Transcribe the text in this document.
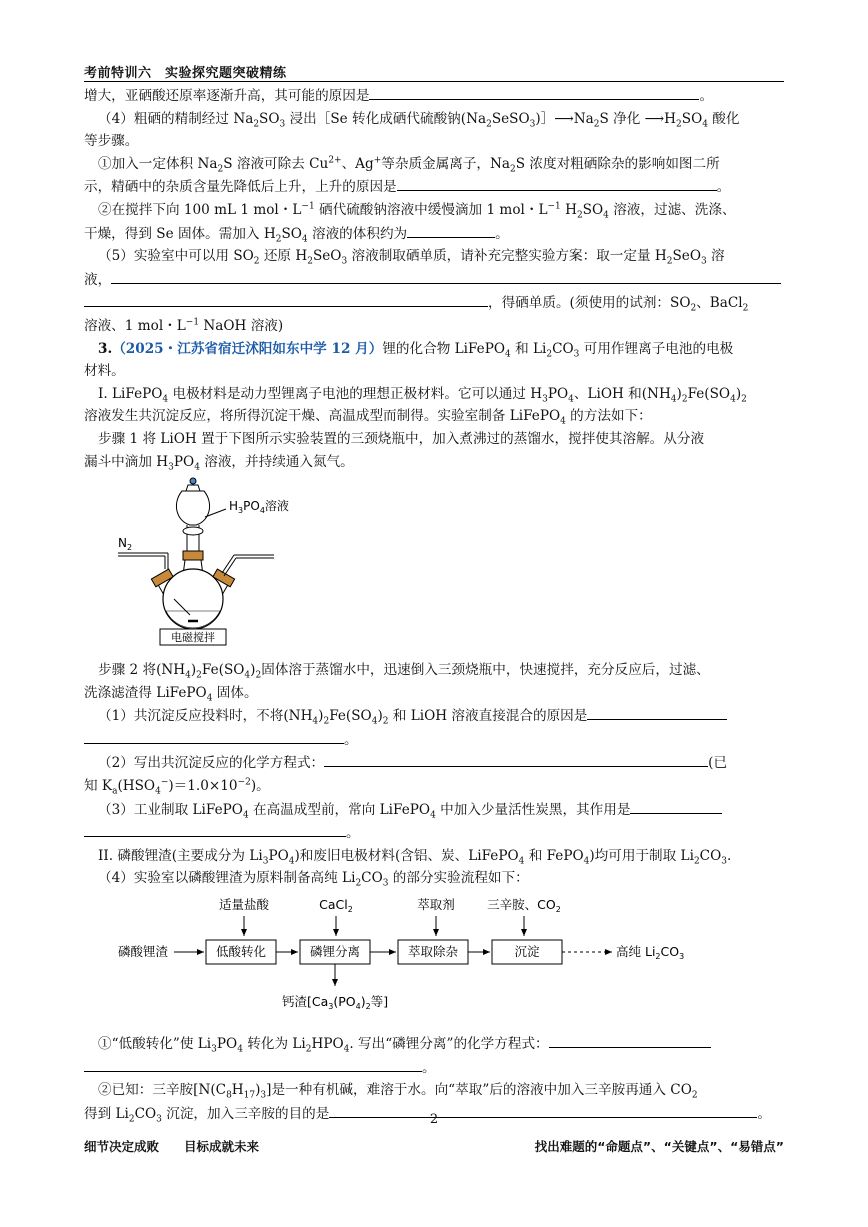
考前特训六　实验探究题突破精练

增大，亚硒酸还原率逐渐升高，其可能的原因是	。

（4）粗硒的精制经过 $Na_2SO_3$ 浸出［Se 转化成硒代硫酸钠$(Na_2SeSO_3)]⟶Na_2S$ 净化 $⟶H_2SO_4$ 酸化

等步骤。

①加入一定体积 $Na_2S$ 溶液可除去 $Cu^{2+}$、Ag+等杂质金属离子，$Na_2S$ 浓度对粗硒除杂的影响如图二所

示，精硒中的杂质含量先降低后上升，上升的原因是	。

②在搅拌下向 100 mL 1 mol・$L^{-1}$ 硒代硫酸钠溶液中缓慢滴加 1 mol・$L^{-1}$ $H_2SO_4$ 溶液，过滤、洗涤、

干燥，得到 Se 固体。需加入 $H_2SO_4$ 溶液的体积约为	。

（5）实验室中可以用 $SO_2$ 还原 $H_2SeO_3$ 溶液制取硒单质，请补充完整实验方案：取一定量 $H_2SeO_3$ 溶

液，

，得硒单质。(须使用的试剂：$SO_2$、BaCl$_2$

溶液、1 mol・$L^{-1}$ NaOH 溶液)

3.（2025・江苏省宿迁沭阳如东中学 12 月）锂的化合物 LiFePO$_4$ 和 $Li_2CO_3$ 可用作锂离子电池的电极

材料。

I. LiFePO$_4$ 电极材料是动力型锂离子电池的理想正极材料。它可以通过 $H_3PO_4$、LiOH 和$(NH_4)_2Fe(SO_4)_2$

溶液发生共沉淀反应，将所得沉淀干燥、高温成型而制得。实验室制备 LiFePO$_4$ 的方法如下：

步骤 1 将 LiOH 置于下图所示实验装置的三颈烧瓶中，加入煮沸过的蒸馏水，搅拌使其溶解。从分液

漏斗中滴加 $H_3PO_4$ 溶液，并持续通入氮气。

$H_3PO_4$溶液
$N_2$
电磁搅拌

步骤 2 将$(NH_4)_2Fe(SO_4)_2$固体溶于蒸馏水中，迅速倒入三颈烧瓶中，快速搅拌，充分反应后，过滤、

洗涤滤渣得 LiFePO$_4$ 固体。

（1）共沉淀反应投料时，不将$(NH_4)_2Fe(SO_4)_2$ 和 LiOH 溶液直接混合的原因是

。

（2）写出共沉淀反应的化学方程式：	(已

知 $K_a(HSO_4^-)=1.0\times 10^{-2}$)。

（3）工业制取 LiFePO$_4$ 在高温成型前，常向 LiFePO$_4$ 中加入少量活性炭黑，其作用是

。

II. 磷酸锂渣(主要成分为 $Li_3PO_4$)和废旧电极材料(含铝、炭、LiFePO$_4$ 和 FePO$_4$)均可用于制取 $Li_2CO_3$.

（4）实验室以磷酸锂渣为原料制备高纯 $Li_2CO_3$ 的部分实验流程如下：

适量盐酸	CaCl$_2$	萃取剂	三辛胺、$CO_2$
磷酸锂渣	低酸转化	磷锂分离	萃取除杂	沉淀	高纯 $Li_2CO_3$
钙渣[$Ca_3(PO_4)_2$等]

①“低酸转化”使 $Li_3PO_4$ 转化为 $Li_2HPO_4$. 写出“磷锂分离”的化学方程式：

。

②已知：三辛胺$[N(C_8H_{17})_3]$是一种有机碱，难溶于水。向“萃取”后的溶液中加入三辛胺再通入 $CO_2$

得到 $Li_2CO_3$ 沉淀，加入三辛胺的目的是	。

2
细节决定成败　　目标成就未来	找出难题的“命题点”、“关键点”、“易错点”
